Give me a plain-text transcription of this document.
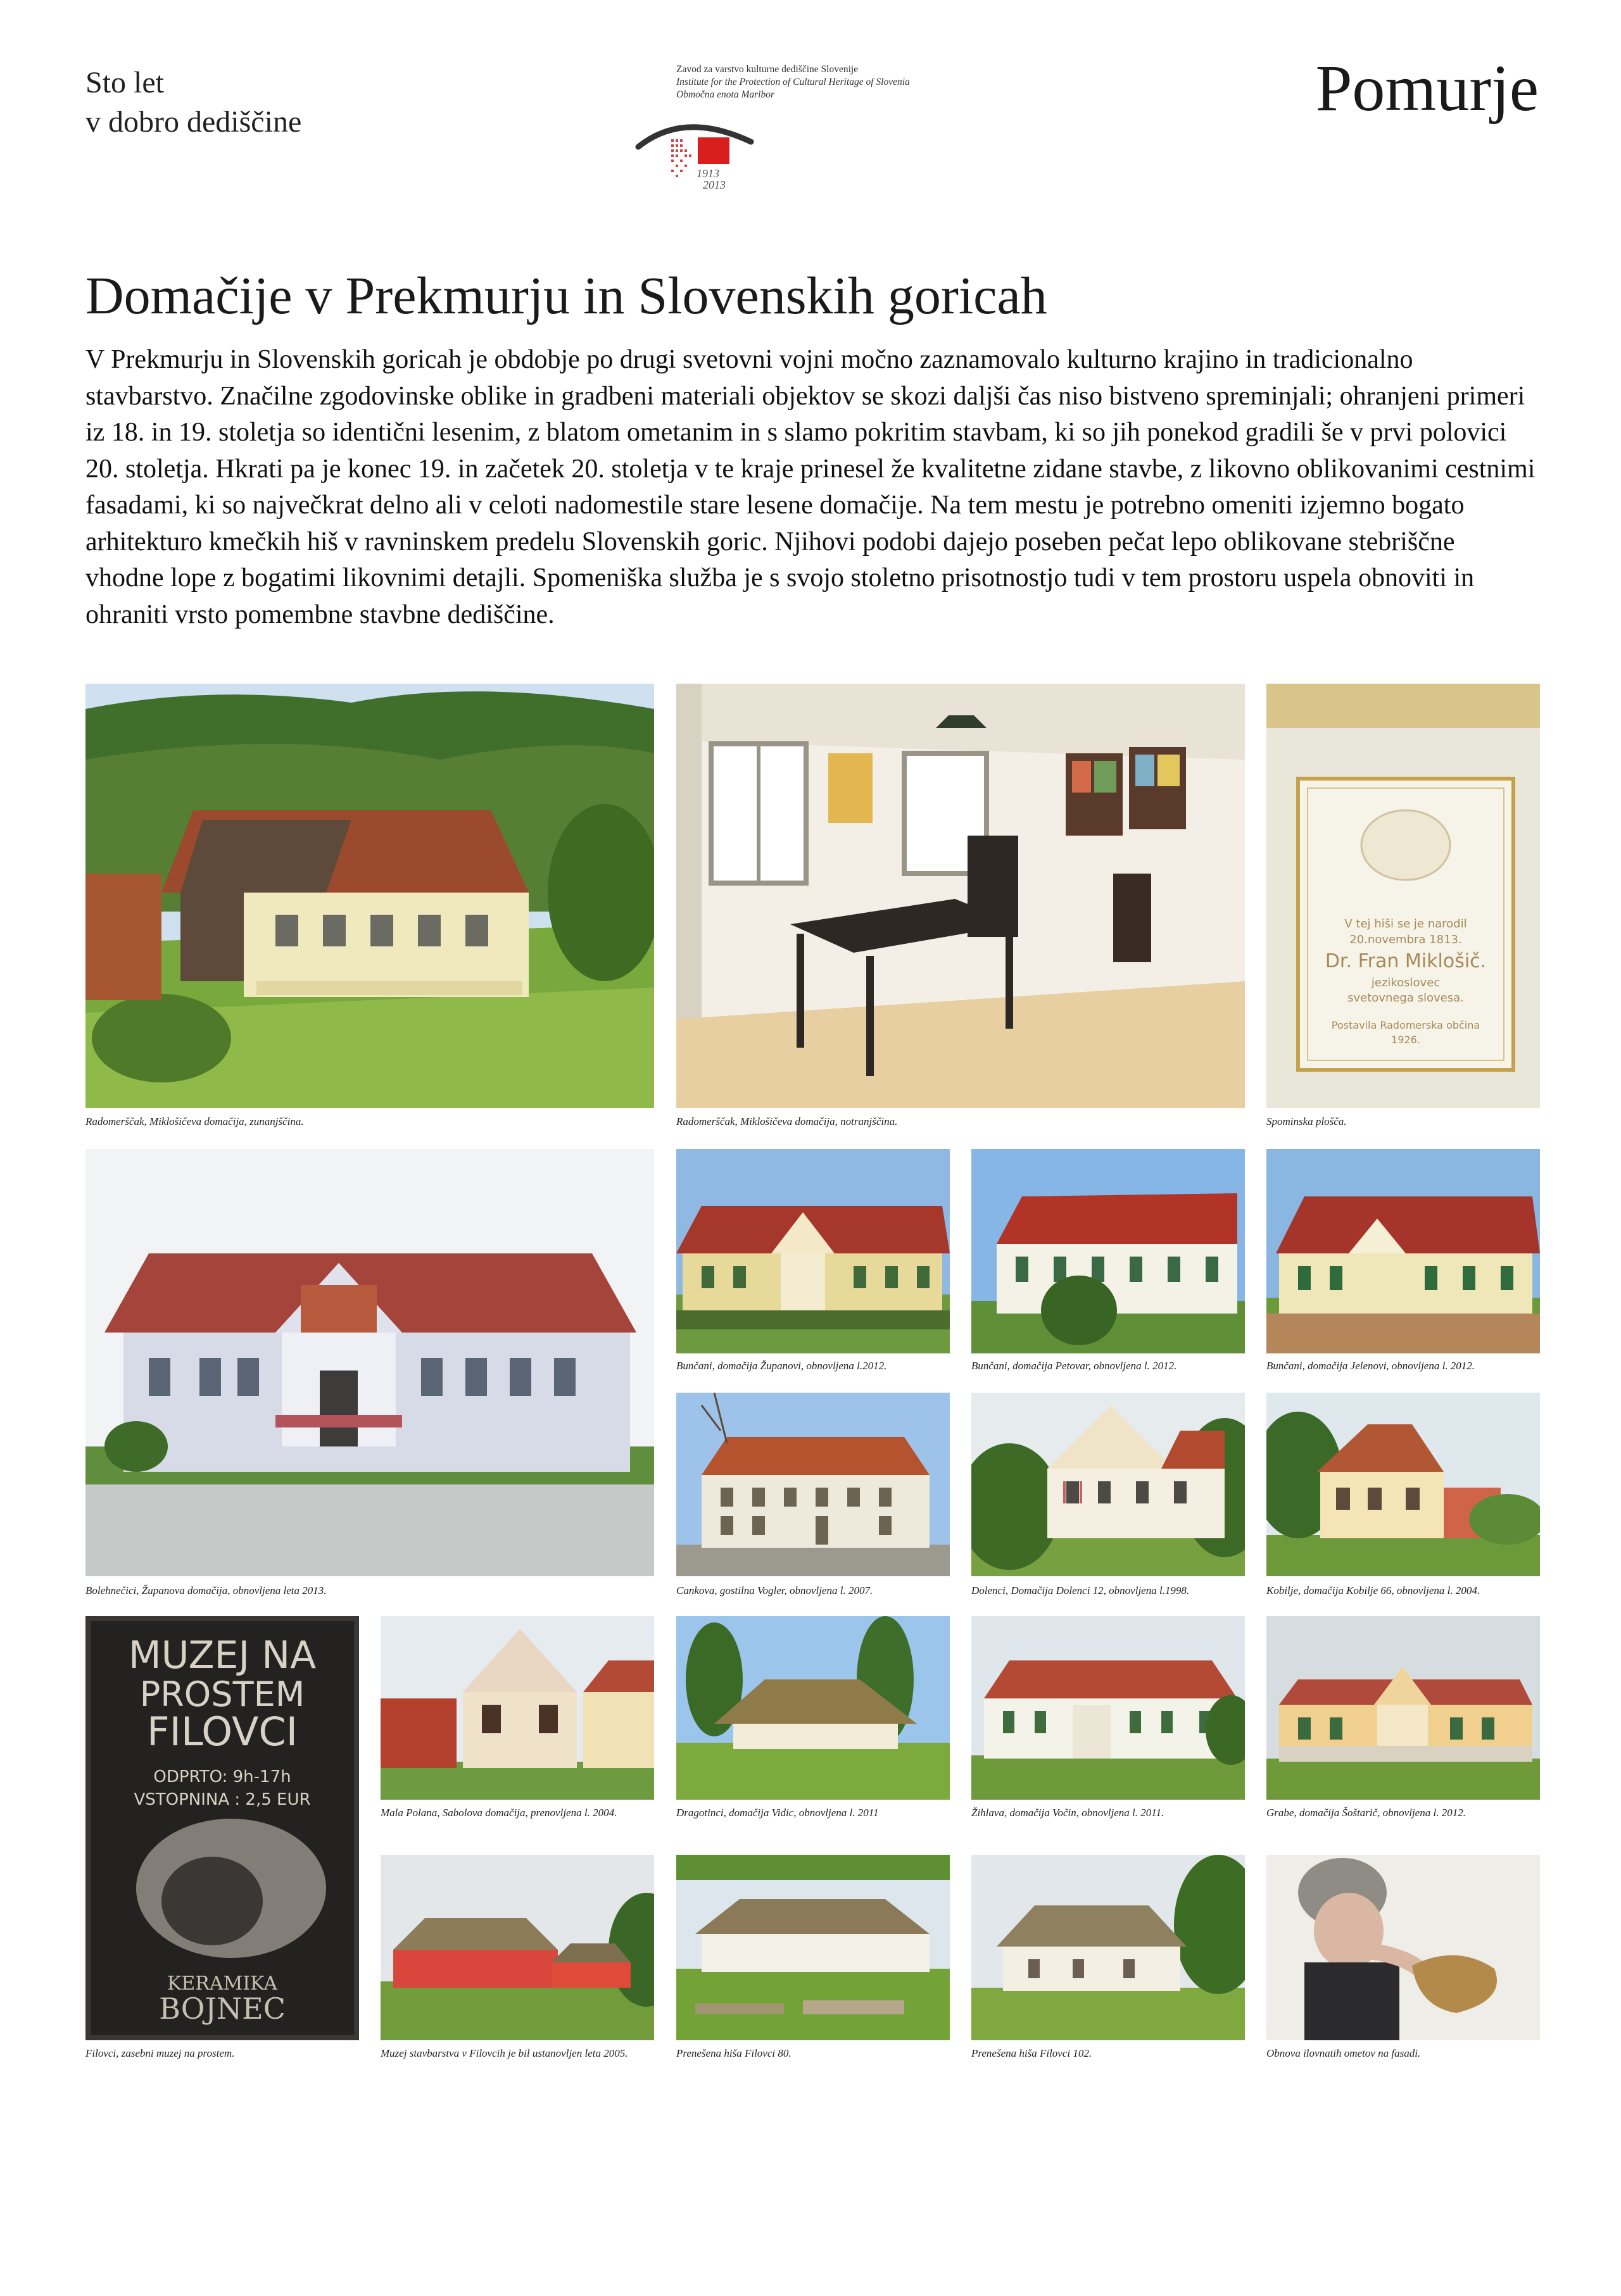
Sto let
v dobro dediščine
Zavod za varstvo kulturne dediščine Slovenije
Institute for the Protection of Cultural Heritage of Slovenia
Območna enota Maribor
1913
2013
Pomurje
Domačije v Prekmurju in Slovenskih goricah
V Prekmurju in Slovenskih goricah je obdobje po drugi svetovni vojni močno zaznamovalo kulturno krajino in tradicionalno stavbarstvo. Značilne zgodovinske oblike in gradbeni materiali objektov se skozi daljši čas niso bistveno spreminjali; ohranjeni primeri iz 18. in 19. stoletja so identični lesenim, z blatom ometanim in s slamo pokritim stavbam, ki so jih ponekod gradili še v prvi polovici 20. stoletja. Hkrati pa je konec 19. in začetek 20. stoletja v te kraje prinesel že kvalitetne zidane stavbe, z likovno oblikovanimi cestnimi fasadami, ki so največkrat delno ali v celoti nadomestile stare lesene domačije. Na tem mestu je potrebno omeniti izjemno bogato arhitekturo kmečkih hiš v ravninskem predelu Slovenskih goric. Njihovi podobi dajejo poseben pečat lepo oblikovane stebriščne vhodne lope z bogatimi likovnimi detajli. Spomeniška služba je s svojo stoletno prisotnostjo tudi v tem prostoru uspela obnoviti in ohraniti vrsto pomembne stavbne dediščine.
Radomerščak, Miklošičeva domačija, zunanjščina.	Radomerščak, Miklošičeva domačija, notranjščina.
V tej hiši se je narodil
20.novembra 1813.
Dr. Fran Miklošič.
jezikoslovec
svetovnega slovesa.
Postavila Radomerska občina
1926.
Spominska plošča.
Bolehnečici, Županova domačija, obnovljena leta 2013.
Bunčani, domačija Županovi, obnovljena l.2012.	Bunčani, domačija Petovar, obnovljena l. 2012.	Bunčani, domačija Jelenovi, obnovljena l. 2012.
Cankova, gostilna Vogler, obnovljena l. 2007.	Dolenci, Domačija Dolenci 12, obnovljena l.1998.	Kobilje, domačija Kobilje 66, obnovljena l. 2004.
MUZEJ NA
PROSTEM
FILOVCI
ODPRTO: 9h-17h
VSTOPNINA : 2,5 EUR
KERAMIKA
BOJNEC
Filovci, zasebni muzej na prostem.
Mala Polana, Sabolova domačija, prenovljena l. 2004.	Dragotinci, domačija Vidic, obnovljena l. 2011	Žihlava, domačija Vočin, obnovljena l. 2011.	Grabe, domačija Šoštarič, obnovljena l. 2012.
Muzej stavbarstva v Filovcih je bil ustanovljen leta 2005.	Prenešena hiša Filovci 80.	Prenešena hiša Filovci 102.	Obnova ilovnatih ometov na fasadi.
